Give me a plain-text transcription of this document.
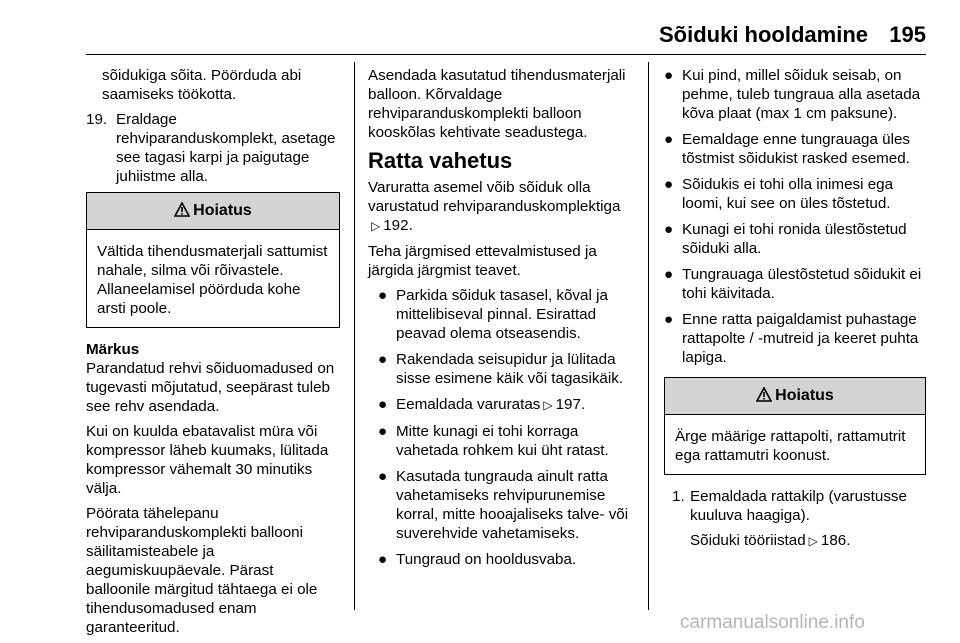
Sõiduki hooldamine 195

sõidukiga sõita. Pöörduda abi saamiseks töökotta.

19. Eraldage rehviparanduskomplekt, asetage see tagasi karpi ja paigutage juhiistme alla.
Hoiatus
Vältida tihendusmaterjali sattumist nahale, silma või rõivastele. Allaneelamisel pöörduda kohe arsti poole.

Märkus

Parandatud rehvi sõiduomadused on tugevasti mõjutatud, seepärast tuleb see rehv asendada.

Kui on kuulda ebatavalist müra või kompressor läheb kuumaks, lülitada kompressor vähemalt 30 minutiks välja.

Pöörata tähelepanu rehviparanduskomplekti ballooni säilitamisteabele ja aegumiskuupäevale. Pärast balloonile märgitud tähtaega ei ole tihendusomadused enam garanteeritud.

Asendada kasutatud tihendusmaterjali balloon. Kõrvaldage rehviparanduskomplekti balloon kooskõlas kehtivate seadustega.

Ratta vahetus

Varuratta asemel võib sõiduk olla varustatud rehviparanduskomplektiga ▷ 192.

Teha järgmised ettevalmistused ja järgida järgmist teavet.

● Parkida sõiduk tasasel, kõval ja mittelibiseval pinnal. Esirattad peavad olema otseasendis.
● Rakendada seisupidur ja lülitada sisse esimene käik või tagasikäik.
● Eemaldada varuratas ▷ 197.
● Mitte kunagi ei tohi korraga vahetada rohkem kui üht ratast.
● Kasutada tungrauda ainult ratta vahetamiseks rehvipurunemise korral, mitte hooajaliseks talve- või suverehvide vahetamiseks.
● Tungraud on hooldusvaba.
● Kui pind, millel sõiduk seisab, on pehme, tuleb tungraua alla asetada kõva plaat (max 1 cm paksune).
● Eemaldage enne tungrauaga üles tõstmist sõidukist rasked esemed.
● Sõidukis ei tohi olla inimesi ega loomi, kui see on üles tõstetud.
● Kunagi ei tohi ronida ülestõstetud sõiduki alla.
● Tungrauaga ülestõstetud sõidukit ei tohi käivitada.
● Enne ratta paigaldamist puhastage rattapolte / -mutreid ja keeret puhta lapiga.
Hoiatus
Ärge määrige rattapolti, rattamutrit ega rattamutri koonust.
1. Eemaldada rattakilp (varustusse kuuluva haagiga).

Sõiduki tööriistad ▷ 186.

carmanualsonline.info
